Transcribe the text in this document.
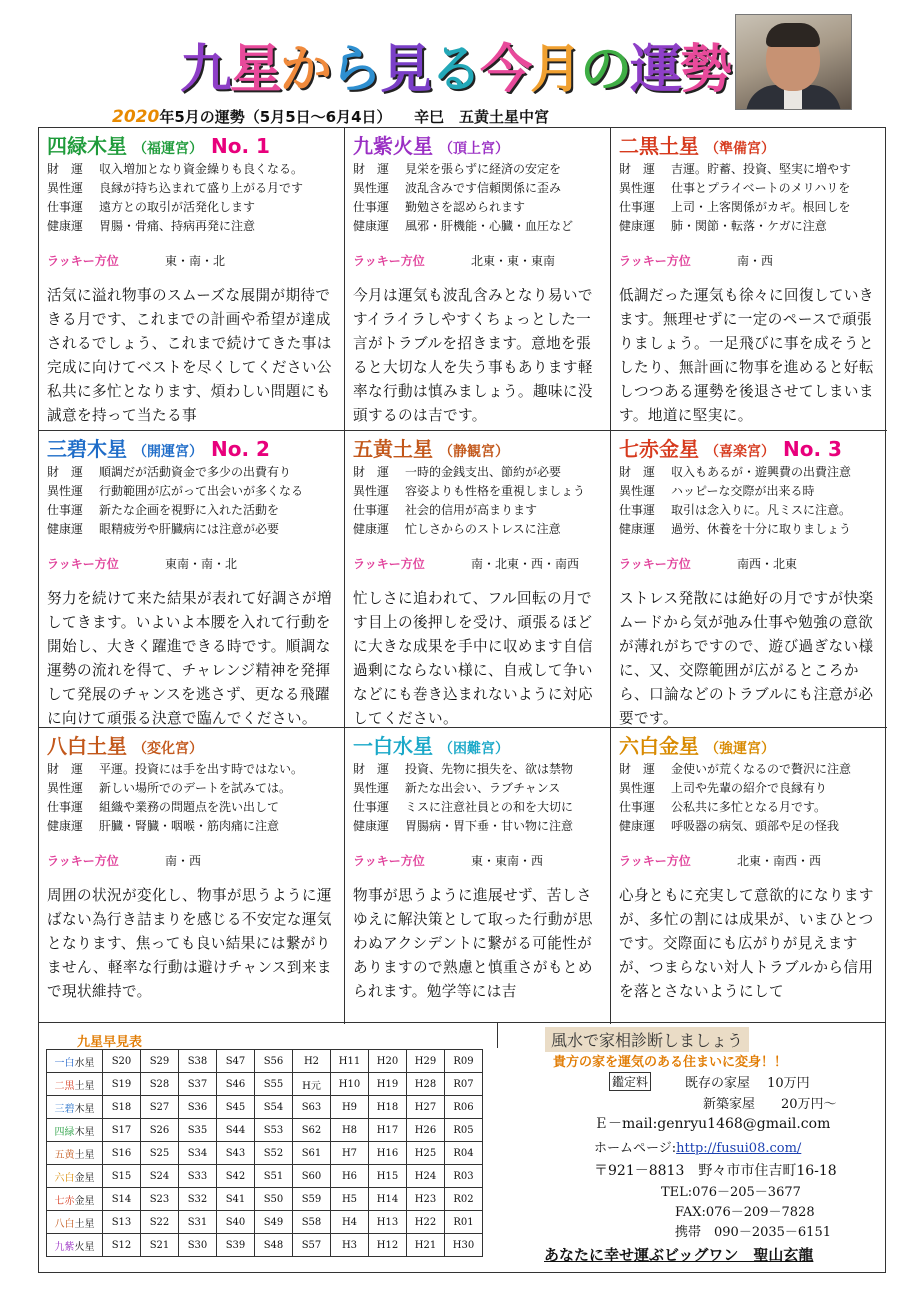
九星から見る今月の運勢
2020年5月の運勢（5月5日～6月4日）　　辛巳　五黄土星中宮
四緑木星 （福運宮） No. 1
財　運 収入増加となり資金繰りも良くなる。
異性運 良縁が持ち込まれて盛り上がる月です
仕事運 遠方との取引が活発化します
健康運 胃腸・骨痛、持病再発に注意
ラッキー方位	東・南・北
活気に溢れ物事のスムーズな展開が期待できる月です、これまでの計画や希望が達成されるでしょう、これまで続けてきた事は完成に向けてベストを尽くしてください公私共に多忙となります、煩わしい問題にも誠意を持って当たる事
九紫火星 （頂上宮）
財　運 見栄を張らずに経済の安定を
異性運 波乱含みです信頼関係に歪み
仕事運 勤勉さを認められます
健康運 風邪・肝機能・心臓・血圧など
ラッキー方位	北東・東・東南
今月は運気も波乱含みとなり易いですイライラしやすくちょっとした一言がトラブルを招きます。意地を張ると大切な人を失う事もあります軽率な行動は慎みましょう。趣味に没頭するのは吉です。
二黒土星 （準備宮）
財　運 吉運。貯蓄、投資、堅実に増やす
異性運 仕事とプライベートのメリハリを
仕事運 上司・上客関係がカギ。根回しを
健康運 肺・関節・転落・ケガに注意
ラッキー方位	南・西
低調だった運気も徐々に回復していきます。無理せずに一定のペースで頑張りましょう。一足飛びに事を成そうとしたり、無計画に物事を進めると好転しつつある運勢を後退させてしまいます。地道に堅実に。
三碧木星 （開運宮） No. 2
財　運 順調だが活動資金で多少の出費有り
異性運 行動範囲が広がって出会いが多くなる
仕事運 新たな企画を視野に入れた活動を
健康運 眼精疲労や肝臓病には注意が必要
ラッキー方位	東南・南・北
努力を続けて来た結果が表れて好調さが増してきます。いよいよ本腰を入れて行動を開始し、大きく躍進できる時です。順調な運勢の流れを得て、チャレンジ精神を発揮して発展のチャンスを逃さず、更なる飛躍に向けて頑張る決意で臨んでください。
五黄土星 （静観宮）
財　運 一時的金銭支出、節約が必要
異性運 容姿よりも性格を重視しましょう
仕事運 社会的信用が高まります
健康運 忙しさからのストレスに注意
ラッキー方位	南・北東・西・南西
忙しさに追われて、フル回転の月です目上の後押しを受け、頑張るほどに大きな成果を手中に収めます自信過剰にならない様に、自戒して争いなどにも巻き込まれないように対応してください。
七赤金星 （喜楽宮） No. 3
財　運 収入もあるが・遊興費の出費注意
異性運 ハッピーな交際が出来る時
仕事運 取引は念入りに。凡ミスに注意。
健康運 過労、休養を十分に取りましょう
ラッキー方位	南西・北東
ストレス発散には絶好の月ですが快楽ムードから気が弛み仕事や勉強の意欲が薄れがちですので、遊び過ぎない様に、又、交際範囲が広がるところから、口論などのトラブルにも注意が必要です。
八白土星 （変化宮）
財　運 平運。投資には手を出す時ではない。
異性運 新しい場所でのデートを試みては。
仕事運 組織や業務の問題点を洗い出して
健康運 肝臓・腎臓・咽喉・筋肉痛に注意
ラッキー方位	南・西
周囲の状況が変化し、物事が思うように運ばない為行き詰まりを感じる不安定な運気となります、焦っても良い結果には繋がりません、軽率な行動は避けチャンス到来まで現状維持で。
一白水星 （困難宮）
財　運 投資、先物に損失を、欲は禁物
異性運 新たな出会い、ラブチャンス
仕事運 ミスに注意社員との和を大切に
健康運 胃腸病・胃下垂・甘い物に注意
ラッキー方位	東・東南・西
物事が思うように進展せず、苦しさゆえに解決策として取った行動が思わぬアクシデントに繋がる可能性がありますので熟慮と慎重さがもとめられます。勉学等には吉
六白金星 （強運宮）
財　運 金使いが荒くなるので贅沢に注意
異性運 上司や先輩の紹介で良縁有り
仕事運 公私共に多忙となる月です。
健康運 呼吸器の病気、頭部や足の怪我
ラッキー方位	北東・南西・西
心身ともに充実して意欲的になりますが、多忙の割には成果が、いまひとつです。交際面にも広がりが見えますが、つまらない対人トラブルから信用を落とさないようにして
九星早見表
一白水星	S20	S29	S38	S47	S56	H2	H11	H20	H29	R09
二黒土星	S19	S28	S37	S46	S55	H元	H10	H19	H28	R07
三碧木星	S18	S27	S36	S45	S54	S63	H9	H18	H27	R06
四緑木星	S17	S26	S35	S44	S53	S62	H8	H17	H26	R05
五黄土星	S16	S25	S34	S43	S52	S61	H7	H16	H25	R04
六白金星	S15	S24	S33	S42	S51	S60	H6	H15	H24	R03
七赤金星	S14	S23	S32	S41	S50	S59	H5	H14	H23	R02
八白土星	S13	S22	S31	S40	S49	S58	H4	H13	H22	R01
九紫火星	S12	S21	S30	S39	S48	S57	H3	H12	H21	H30
風水で家相診断しましょう
貴方の家を運気のある住まいに変身！！
鑑定料	既存の家屋　 10万円
新築家屋　　20万円～
Ｅ－mail:genryu1468@gmail.com
ホームページ:http://fusui08.com/
〒921－8813　野々市市住吉町16-18
TEL:076－205－3677
FAX:076－209－7828
携帯　090－2035－6151
あなたに幸せ運ぶビッグワン　聖山玄龍
